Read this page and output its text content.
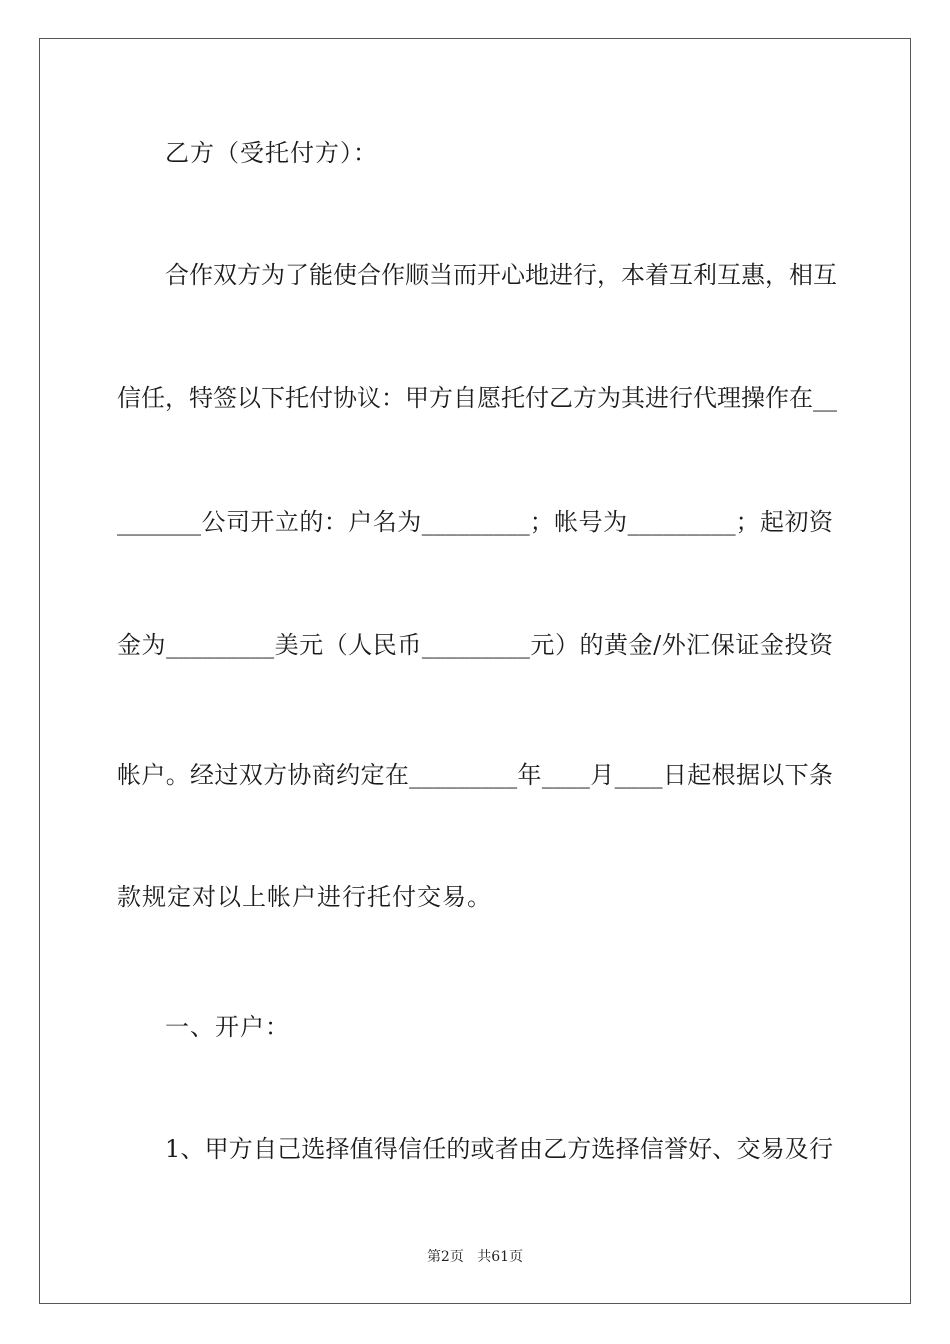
乙方（受托付方）：
合作双方为了能使合作顺当而开心地进行，本着互利互惠，相互
信任，特签以下托付协议：甲方自愿托付乙方为其进行代理操作在__
_______公司开立的：户名为_________；帐号为_________；起初资
金为_________美元（人民币_________元）的黄金/外汇保证金投资
帐户。经过双方协商约定在_________年____月____日起根据以下条
款规定对以上帐户进行托付交易。
一、开户：
1、甲方自己选择值得信任的或者由乙方选择信誉好、交易及行
第2页 共61页
